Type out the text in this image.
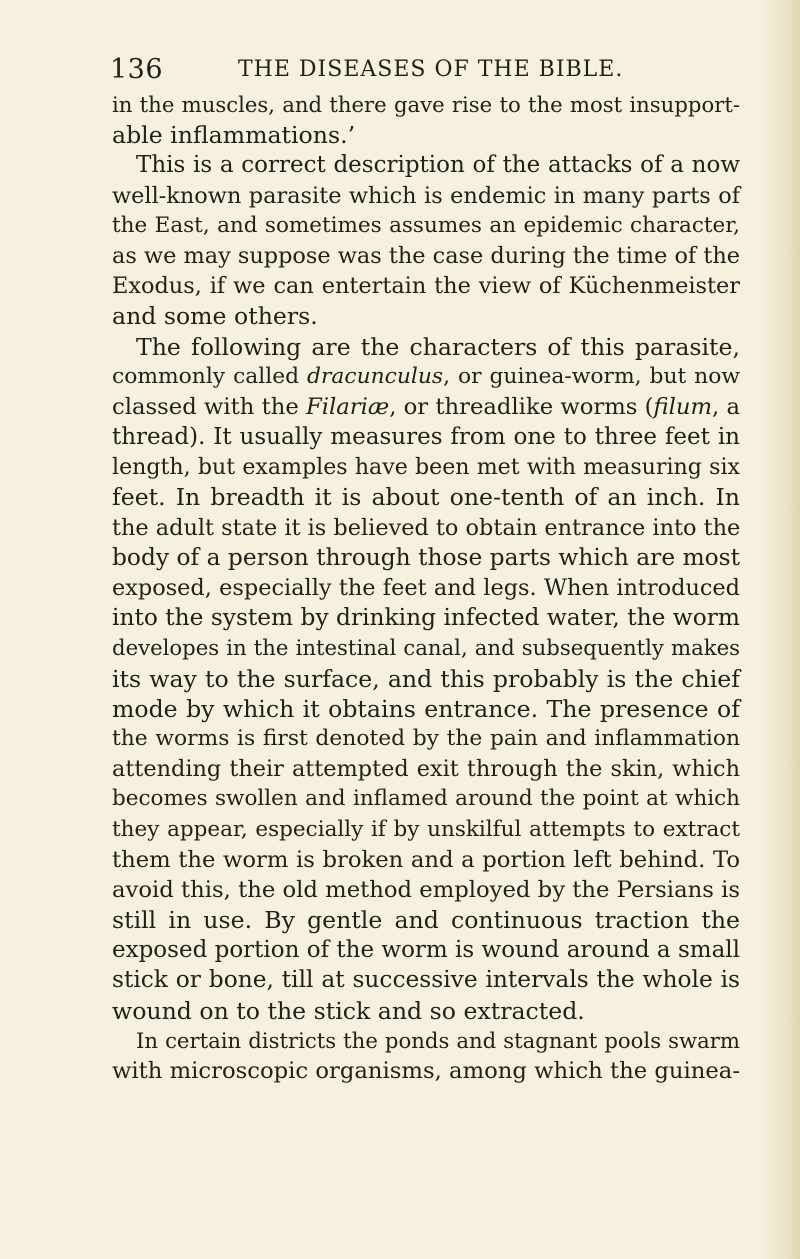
136	THE DISEASES OF THE BIBLE.
in the muscles, and there gave rise to the most insupport-
able inflammations.’
This is a correct description of the attacks of a now
well-known parasite which is endemic in many parts of
the East, and sometimes assumes an epidemic character,
as we may suppose was the case during the time of the
Exodus, if we can entertain the view of Küchenmeister
and some others.
The following are the characters of this parasite,
commonly called dracunculus, or guinea-worm, but now
classed with the Filariæ, or threadlike worms (filum, a
thread). It usually measures from one to three feet in
length, but examples have been met with measuring six
feet. In breadth it is about one-tenth of an inch. In
the adult state it is believed to obtain entrance into the
body of a person through those parts which are most
exposed, especially the feet and legs. When introduced
into the system by drinking infected water, the worm
developes in the intestinal canal, and subsequently makes
its way to the surface, and this probably is the chief
mode by which it obtains entrance. The presence of
the worms is first denoted by the pain and inflammation
attending their attempted exit through the skin, which
becomes swollen and inflamed around the point at which
they appear, especially if by unskilful attempts to extract
them the worm is broken and a portion left behind. To
avoid this, the old method employed by the Persians is
still in use. By gentle and continuous traction the
exposed portion of the worm is wound around a small
stick or bone, till at successive intervals the whole is
wound on to the stick and so extracted.
In certain districts the ponds and stagnant pools swarm
with microscopic organisms, among which the guinea-
